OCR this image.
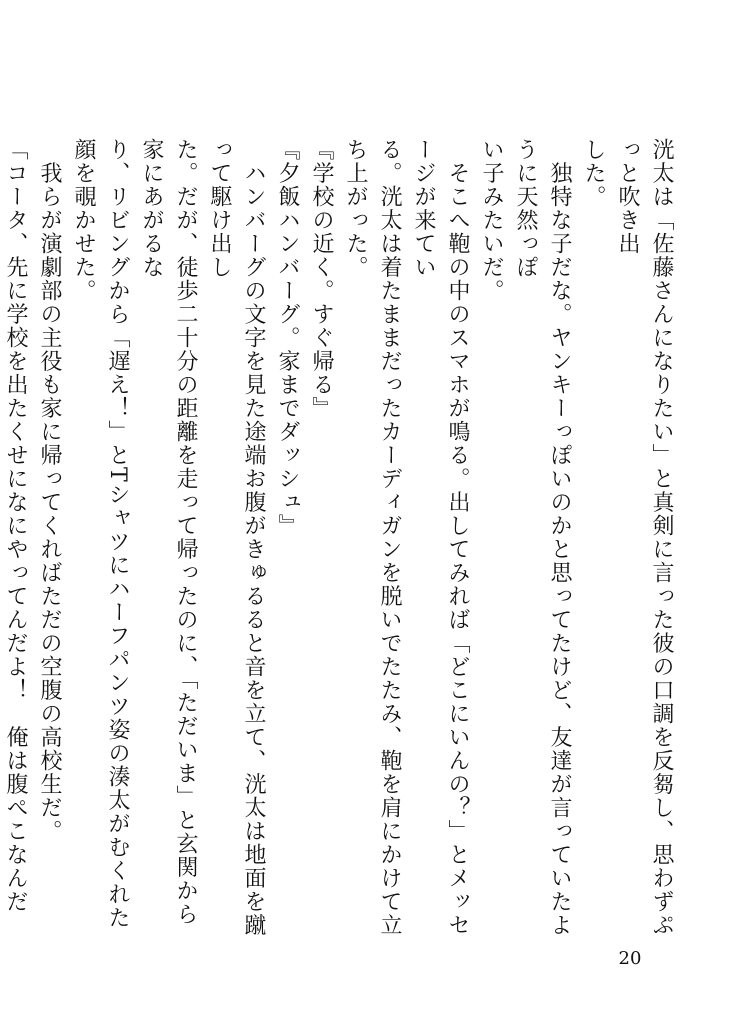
洸太は「佐藤さんになりたい」と真剣に言った彼の口調を反芻し、思わずぷっと吹き出

した。

　独特な子だな。ヤンキーっぽいのかと思ってたけど、友達が言っていたように天然っぽ

い子みたいだ。

　そこへ鞄の中のスマホが鳴る。出してみれば「どこにいんの？」とメッセージが来てい

る。洸太は着たままだったカーディガンを脱いでたたみ、鞄を肩にかけて立ち上がった。

『学校の近く。すぐ帰る』

『夕飯ハンバーグ。家までダッシュ』

　ハンバーグの文字を見た途端お腹がきゅるると音を立て、洸太は地面を蹴って駆け出し

た。だが、徒歩二十分の距離を走って帰ったのに、「ただいま」と玄関から家にあがるな

り、リビングから「遅え！」とTシャツにハーフパンツ姿の湊太がむくれた顔を覗かせた。

　我らが演劇部の主役も家に帰ってくればただの空腹の高校生だ。

「コータ、先に学校を出たくせになにやってんだよ！　俺は腹ぺこなんだ

20
